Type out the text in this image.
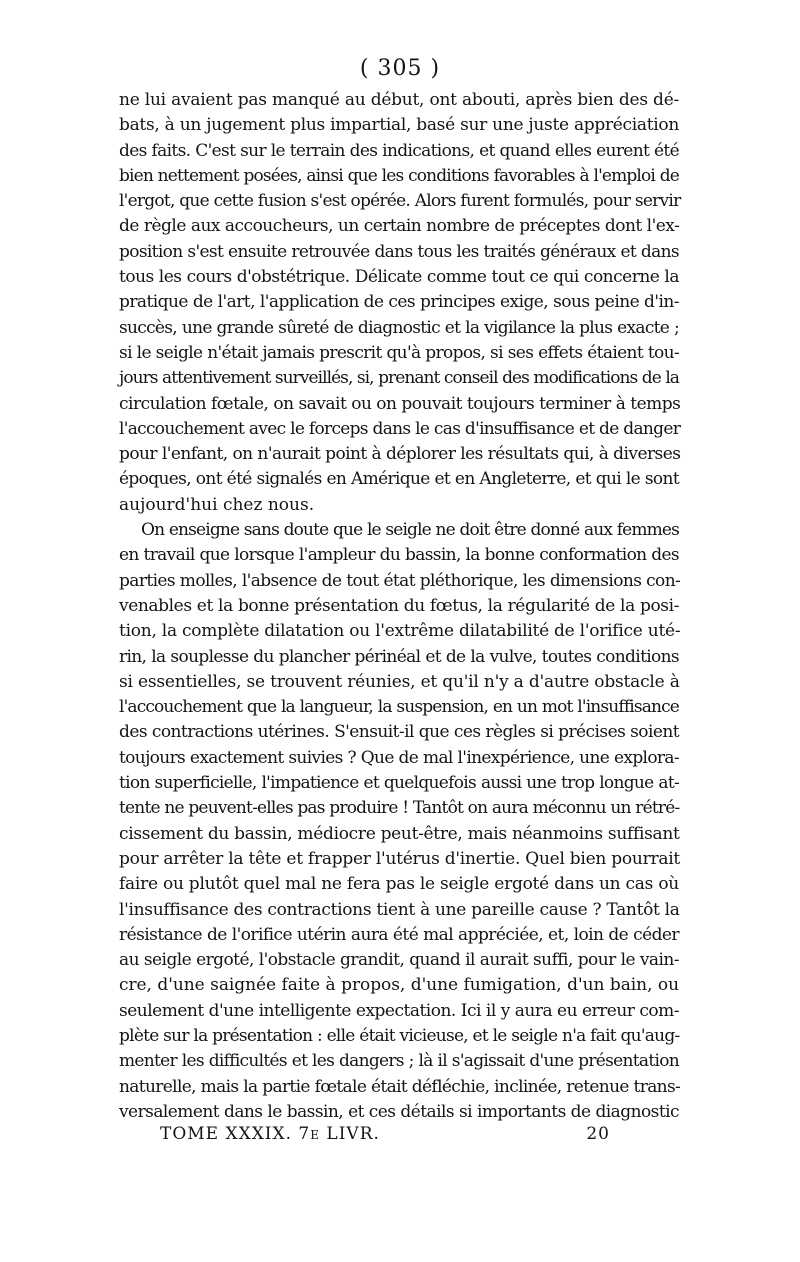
( 305 )
ne lui avaient pas manqué au début, ont abouti, après bien des dé-
bats, à un jugement plus impartial, basé sur une juste appréciation
des faits. C'est sur le terrain des indications, et quand elles eurent été
bien nettement posées, ainsi que les conditions favorables à l'emploi de
l'ergot, que cette fusion s'est opérée. Alors furent formulés, pour servir
de règle aux accoucheurs, un certain nombre de préceptes dont l'ex-
position s'est ensuite retrouvée dans tous les traités généraux et dans
tous les cours d'obstétrique. Délicate comme tout ce qui concerne la
pratique de l'art, l'application de ces principes exige, sous peine d'in-
succès, une grande sûreté de diagnostic et la vigilance la plus exacte ;
si le seigle n'était jamais prescrit qu'à propos, si ses effets étaient tou-
jours attentivement surveillés, si, prenant conseil des modifications de la
circulation fœtale, on savait ou on pouvait toujours terminer à temps
l'accouchement avec le forceps dans le cas d'insuffisance et de danger
pour l'enfant, on n'aurait point à déplorer les résultats qui, à diverses
époques, ont été signalés en Amérique et en Angleterre, et qui le sont
aujourd'hui chez nous.
On enseigne sans doute que le seigle ne doit être donné aux femmes
en travail que lorsque l'ampleur du bassin, la bonne conformation des
parties molles, l'absence de tout état pléthorique, les dimensions con-
venables et la bonne présentation du fœtus, la régularité de la posi-
tion, la complète dilatation ou l'extrême dilatabilité de l'orifice uté-
rin, la souplesse du plancher périnéal et de la vulve, toutes conditions
si essentielles, se trouvent réunies, et qu'il n'y a d'autre obstacle à
l'accouchement que la langueur, la suspension, en un mot l'insuffisance
des contractions utérines. S'ensuit-il que ces règles si précises soient
toujours exactement suivies ? Que de mal l'inexpérience, une explora-
tion superficielle, l'impatience et quelquefois aussi une trop longue at-
tente ne peuvent-elles pas produire ! Tantôt on aura méconnu un rétré-
cissement du bassin, médiocre peut-être, mais néanmoins suffisant
pour arrêter la tête et frapper l'utérus d'inertie. Quel bien pourrait
faire ou plutôt quel mal ne fera pas le seigle ergoté dans un cas où
l'insuffisance des contractions tient à une pareille cause ? Tantôt la
résistance de l'orifice utérin aura été mal appréciée, et, loin de céder
au seigle ergoté, l'obstacle grandit, quand il aurait suffi, pour le vain-
cre, d'une saignée faite à propos, d'une fumigation, d'un bain, ou
seulement d'une intelligente expectation. Ici il y aura eu erreur com-
plète sur la présentation : elle était vicieuse, et le seigle n'a fait qu'aug-
menter les difficultés et les dangers ; là il s'agissait d'une présentation
naturelle, mais la partie fœtale était défléchie, inclinée, retenue trans-
versalement dans le bassin, et ces détails si importants de diagnostic
TOME XXXIX. 7e LIVR.	20
